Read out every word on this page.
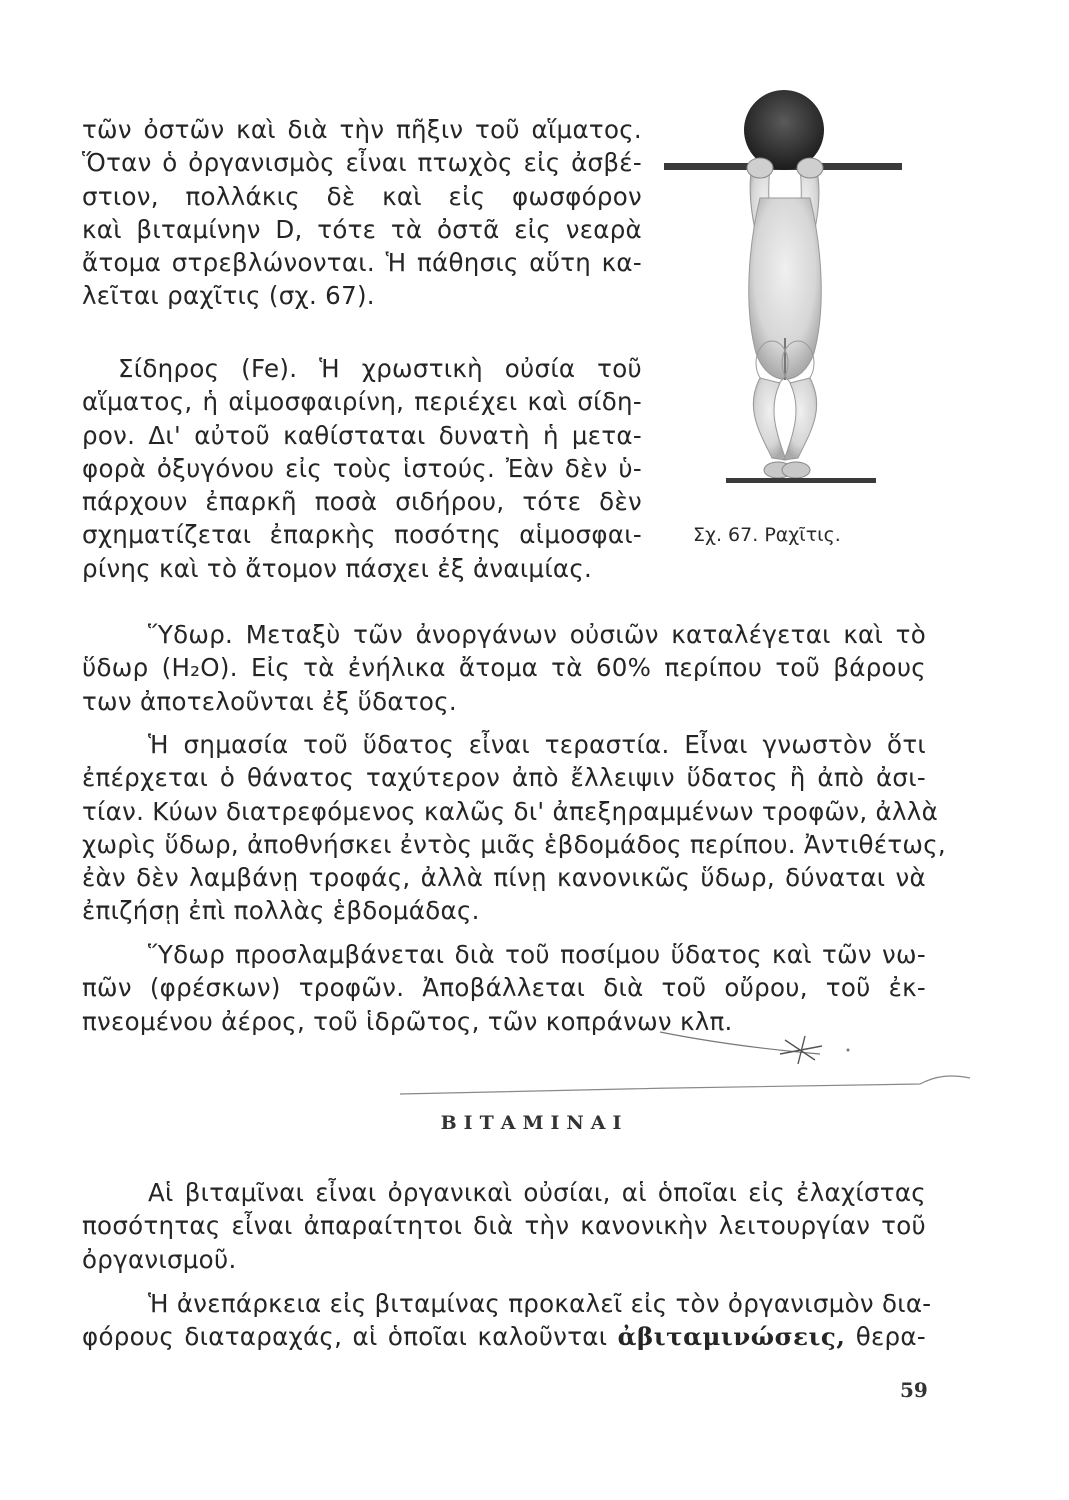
τῶν ὀστῶν καὶ διὰ τὴν πῆξιν τοῦ αἵματος.
Ὅταν ὁ ὀργανισμὸς εἶναι πτωχὸς εἰς ἀσβέ-
στιον, πολλάκις δὲ καὶ εἰς φωσφόρον
καὶ βιταμίνην D, τότε τὰ ὀστᾶ εἰς νεαρὰ
ἄτομα στρεβλώνονται. Ἡ πάθησις αὕτη κα-
λεῖται ραχῖτις (σχ. 67).
Σίδηρος (Fe). Ἡ χρωστικὴ οὐσία τοῦ
αἵματος, ἡ αἱμοσφαιρίνη, περιέχει καὶ σίδη-
ρον. Δι' αὐτοῦ καθίσταται δυνατὴ ἡ μετα-
φορὰ ὀξυγόνου εἰς τοὺς ἱστούς. Ἐὰν δὲν ὑ-
πάρχουν ἐπαρκῆ ποσὰ σιδήρου, τότε δὲν
σχηματίζεται ἐπαρκὴς ποσότης αἱμοσφαι-
ρίνης καὶ τὸ ἄτομον πάσχει ἐξ ἀναιμίας.
Σχ. 67. Ραχῖτις.
Ὕδωρ. Μεταξὺ τῶν ἀνοργάνων οὐσιῶν καταλέγεται καὶ τὸ
ὕδωρ (H₂O). Εἰς τὰ ἐνήλικα ἄτομα τὰ 60% περίπου τοῦ βάρους
των ἀποτελοῦνται ἐξ ὕδατος.
Ἡ σημασία τοῦ ὕδατος εἶναι τεραστία. Εἶναι γνωστὸν ὅτι
ἐπέρχεται ὁ θάνατος ταχύτερον ἀπὸ ἔλλειψιν ὕδατος ἢ ἀπὸ ἀσι-
τίαν. Κύων διατρεφόμενος καλῶς δι' ἀπεξηραμμένων τροφῶν, ἀλλὰ
χωρὶς ὕδωρ, ἀποθνήσκει ἐντὸς μιᾶς ἑβδομάδος περίπου. Ἀντιθέτως,
ἐὰν δὲν λαμβάνῃ τροφάς, ἀλλὰ πίνῃ κανονικῶς ὕδωρ, δύναται νὰ
ἐπιζήσῃ ἐπὶ πολλὰς ἑβδομάδας.
Ὕδωρ προσλαμβάνεται διὰ τοῦ ποσίμου ὕδατος καὶ τῶν νω-
πῶν (φρέσκων) τροφῶν. Ἀποβάλλεται διὰ τοῦ οὔρου, τοῦ ἐκ-
πνεομένου ἀέρος, τοῦ ἱδρῶτος, τῶν κοπράνων κλπ.
ΒΙΤΑΜΙΝΑΙ
Αἱ βιταμῖναι εἶναι ὀργανικαὶ οὐσίαι, αἱ ὁποῖαι εἰς ἐλαχίστας
ποσότητας εἶναι ἀπαραίτητοι διὰ τὴν κανονικὴν λειτουργίαν τοῦ
ὀργανισμοῦ.
Ἡ ἀνεπάρκεια εἰς βιταμίνας προκαλεῖ εἰς τὸν ὀργανισμὸν δια-
φόρους διαταραχάς, αἱ ὁποῖαι καλοῦνται ἀβιταμινώσεις, θερα-
59
